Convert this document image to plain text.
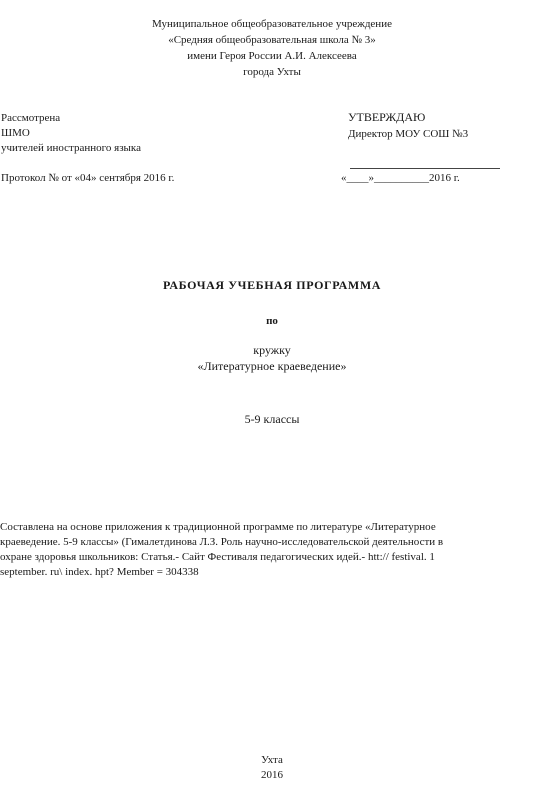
Муниципальное общеобразовательное учреждение
«Средняя общеобразовательная школа № 3»
имени Героя России А.И. Алексеева
города Ухты
Рассмотрена
ШМО
учителей иностранного языка
Протокол № от «04» сентября 2016 г.
УТВЕРЖДАЮ
Директор МОУ СОШ №3
«____»__________2016 г.
РАБОЧАЯ УЧЕБНАЯ ПРОГРАММА
по
кружку
«Литературное краеведение»
5-9 классы
Составлена на основе приложения к традиционной программе по литературе «Литературное
краеведение. 5-9 классы» (Гималетдинова Л.З. Роль научно-исследовательской деятельности в
охране здоровья школьников: Статья.- Сайт Фестиваля педагогических идей.- htt:// festival. 1
september. ru\ index. hpt? Member = 304338
Ухта
2016
